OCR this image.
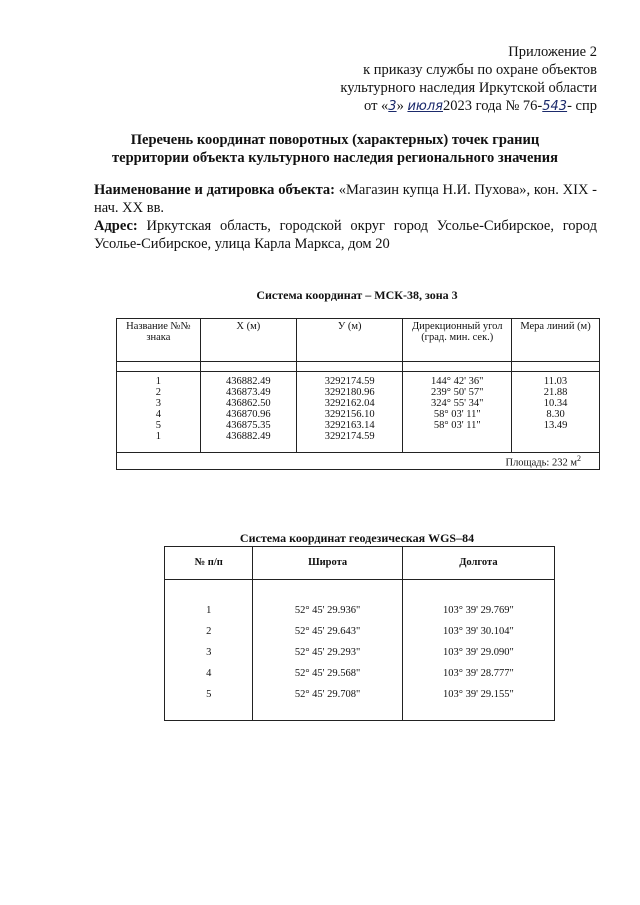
Приложение 2
к приказу службы по охране объектов
культурного наследия Иркутской области
от «3» июля2023 года № 76-543- спр
Перечень координат поворотных (характерных) точек границ
территории объекта культурного наследия регионального значения

Наименование и датировка объекта: «Магазин купца Н.И. Пухова», кон. XIX - нач. XX вв.

Адрес: Иркутская область, городской округ город Усолье-Сибирское, город Усолье-Сибирское, улица Карла Маркса, дом 20

Система координат – МСК-38, зона 3
Название №№ знака	X (м)	У (м)	Дирекционный угол (град. мин. сек.)	Мера линий (м)

1	436882.49	3292174.59	144° 42' 36"	11.03
2	436873.49	3292180.96	239° 50' 57"	21.88
3	436862.50	3292162.04	324° 55' 34"	10.34
4	436870.96	3292156.10	58° 03' 11"	8.30
5	436875.35	3292163.14	58° 03' 11"	13.49
1	436882.49	3292174.59		
Площадь: 232 $м^2$
Система координат геодезическая WGS–84
№ п/п	Широта	Долгота

1	52° 45' 29.936"	103° 39' 29.769"
2	52° 45' 29.643"	103° 39' 30.104"
3	52° 45' 29.293"	103° 39' 29.090"
4	52° 45' 29.568"	103° 39' 28.777"
5	52° 45' 29.708"	103° 39' 29.155"
